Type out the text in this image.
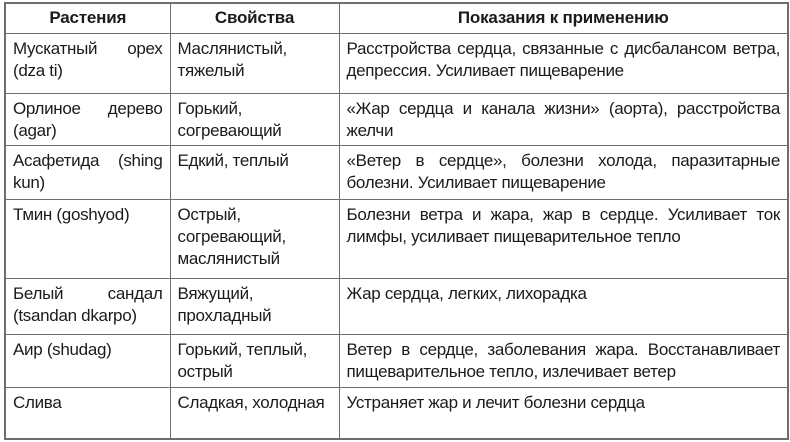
Растения	Свойства	Показания к применению
Мускатный орех (dza ti)	Маслянистый, тяжелый	Расстройства сердца, связанные с дисбалансом ветра, депрессия. Усиливает пищеварение
Орлиное дерево (agar)	Горький, согревающий	«Жар сердца и канала жизни» (аорта), расстройства желчи
Асафетида (shing kun)	Едкий, теплый	«Ветер в сердце», болезни холода, паразитарные болезни. Усиливает пищеварение
Тмин (goshyod)	Острый, согревающий, маслянистый	Болезни ветра и жара, жар в сердце. Усиливает ток лимфы, усиливает пищеварительное тепло
Белый сандал (tsandan dkarpo)	Вяжущий, прохладный	Жар сердца, легких, лихорадка
Аир (shudag)	Горький, теплый, острый	Ветер в сердце, заболевания жара. Восстанавливает пищеварительное тепло, излечивает ветер
Слива	Сладкая, холодная	Устраняет жар и лечит болезни сердца
